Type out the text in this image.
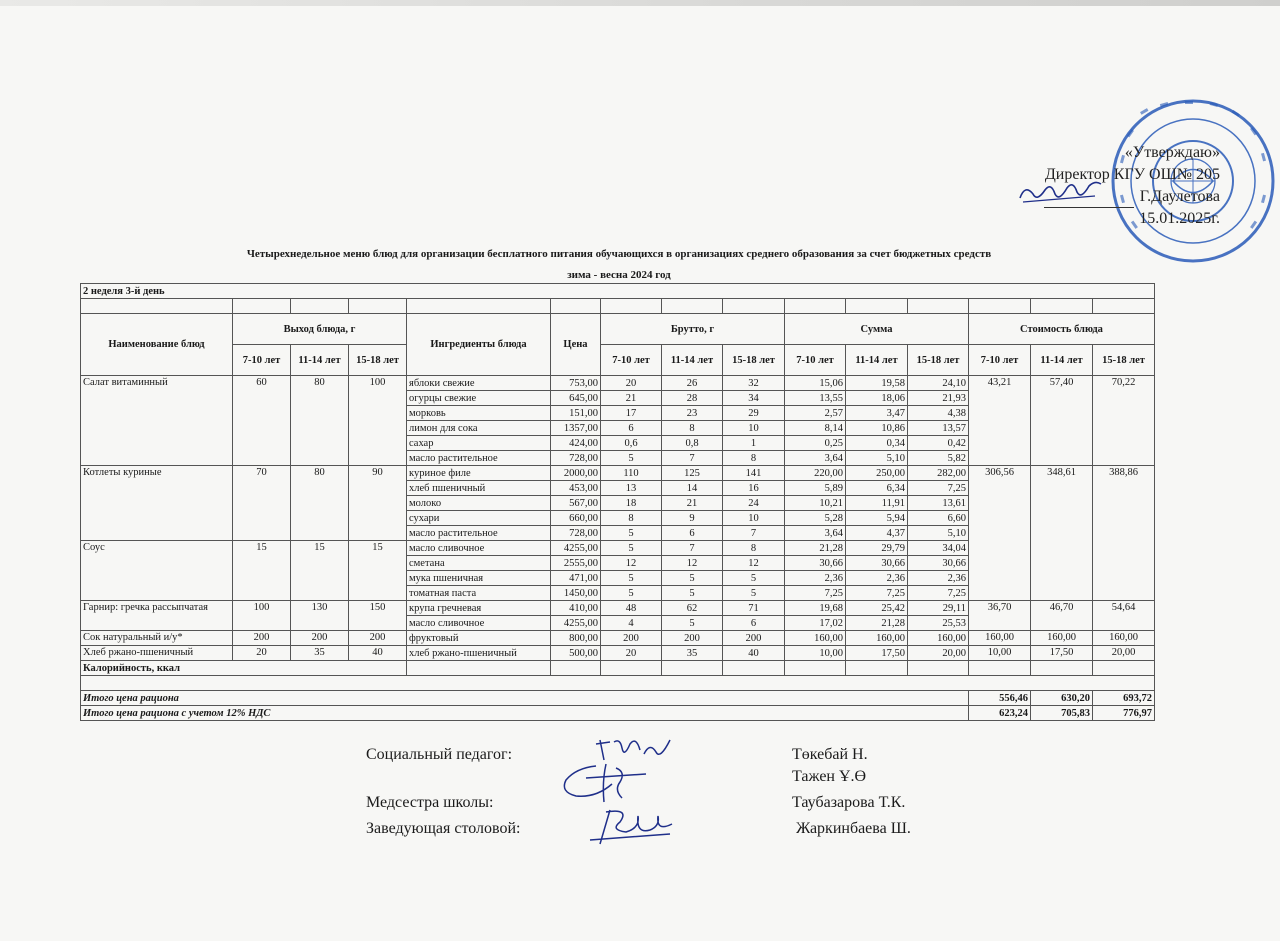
«Утверждаю»
Директор КГУ ОШ№ 205
Г.Даулетова
15.01.2025г.
Четырехнедельное меню блюд для организации бесплатного питания обучающихся в организациях среднего образования за счет бюджетных средств
зима - весна 2024 год
2 неделя 3-й день														

Наименование блюд	Выход блюда, г			Ингредиенты блюда	Цена	Брутто, г			Сумма			Стоимость блюда		
	7-10 лет	11-14 лет	15-18 лет			7-10 лет	11-14 лет	15-18 лет	7-10 лет	11-14 лет	15-18 лет	7-10 лет	11-14 лет	15-18 лет
Салат витаминный	60	80	100	яблоки свежие	753,00	20	26	32	15,06	19,58	24,10	43,21	57,40	70,22
				огурцы свежие	645,00	21	28	34	13,55	18,06	21,93			
				морковь	151,00	17	23	29	2,57	3,47	4,38			
				лимон для сока	1357,00	6	8	10	8,14	10,86	13,57			
				сахар	424,00	0,6	0,8	1	0,25	0,34	0,42			
				масло растительное	728,00	5	7	8	3,64	5,10	5,82			
Котлеты куриные	70	80	90	куриное филе	2000,00	110	125	141	220,00	250,00	282,00	306,56	348,61	388,86
				хлеб пшеничный	453,00	13	14	16	5,89	6,34	7,25			
				молоко	567,00	18	21	24	10,21	11,91	13,61			
				сухари	660,00	8	9	10	5,28	5,94	6,60			
				масло растительное	728,00	5	6	7	3,64	4,37	5,10			
Соус	15	15	15	масло сливочное	4255,00	5	7	8	21,28	29,79	34,04			
				сметана	2555,00	12	12	12	30,66	30,66	30,66			
				мука пшеничная	471,00	5	5	5	2,36	2,36	2,36			
				томатная паста	1450,00	5	5	5	7,25	7,25	7,25			
Гарнир: гречка рассыпчатая	100	130	150	крупа гречневая	410,00	48	62	71	19,68	25,42	29,11	36,70	46,70	54,64
				масло сливочное	4255,00	4	5	6	17,02	21,28	25,53			
Сок натуральный и/у*	200	200	200	фруктовый	800,00	200	200	200	160,00	160,00	160,00	160,00	160,00	160,00
Хлеб ржано-пшеничный	20	35	40	хлеб ржано-пшеничный	500,00	20	35	40	10,00	17,50	20,00	10,00	17,50	20,00
Калорийность, ккал														

Итого цена рациона												556,46	630,20	693,72
Итого цена рациона с учетом 12% НДС												623,24	705,83	776,97
Социальный педагог:	Төкебай Н.
Тажен Ұ.Ө
Медсестра школы:	Таубазарова Т.К.
Заведующая столовой:	Жаркинбаева Ш.
